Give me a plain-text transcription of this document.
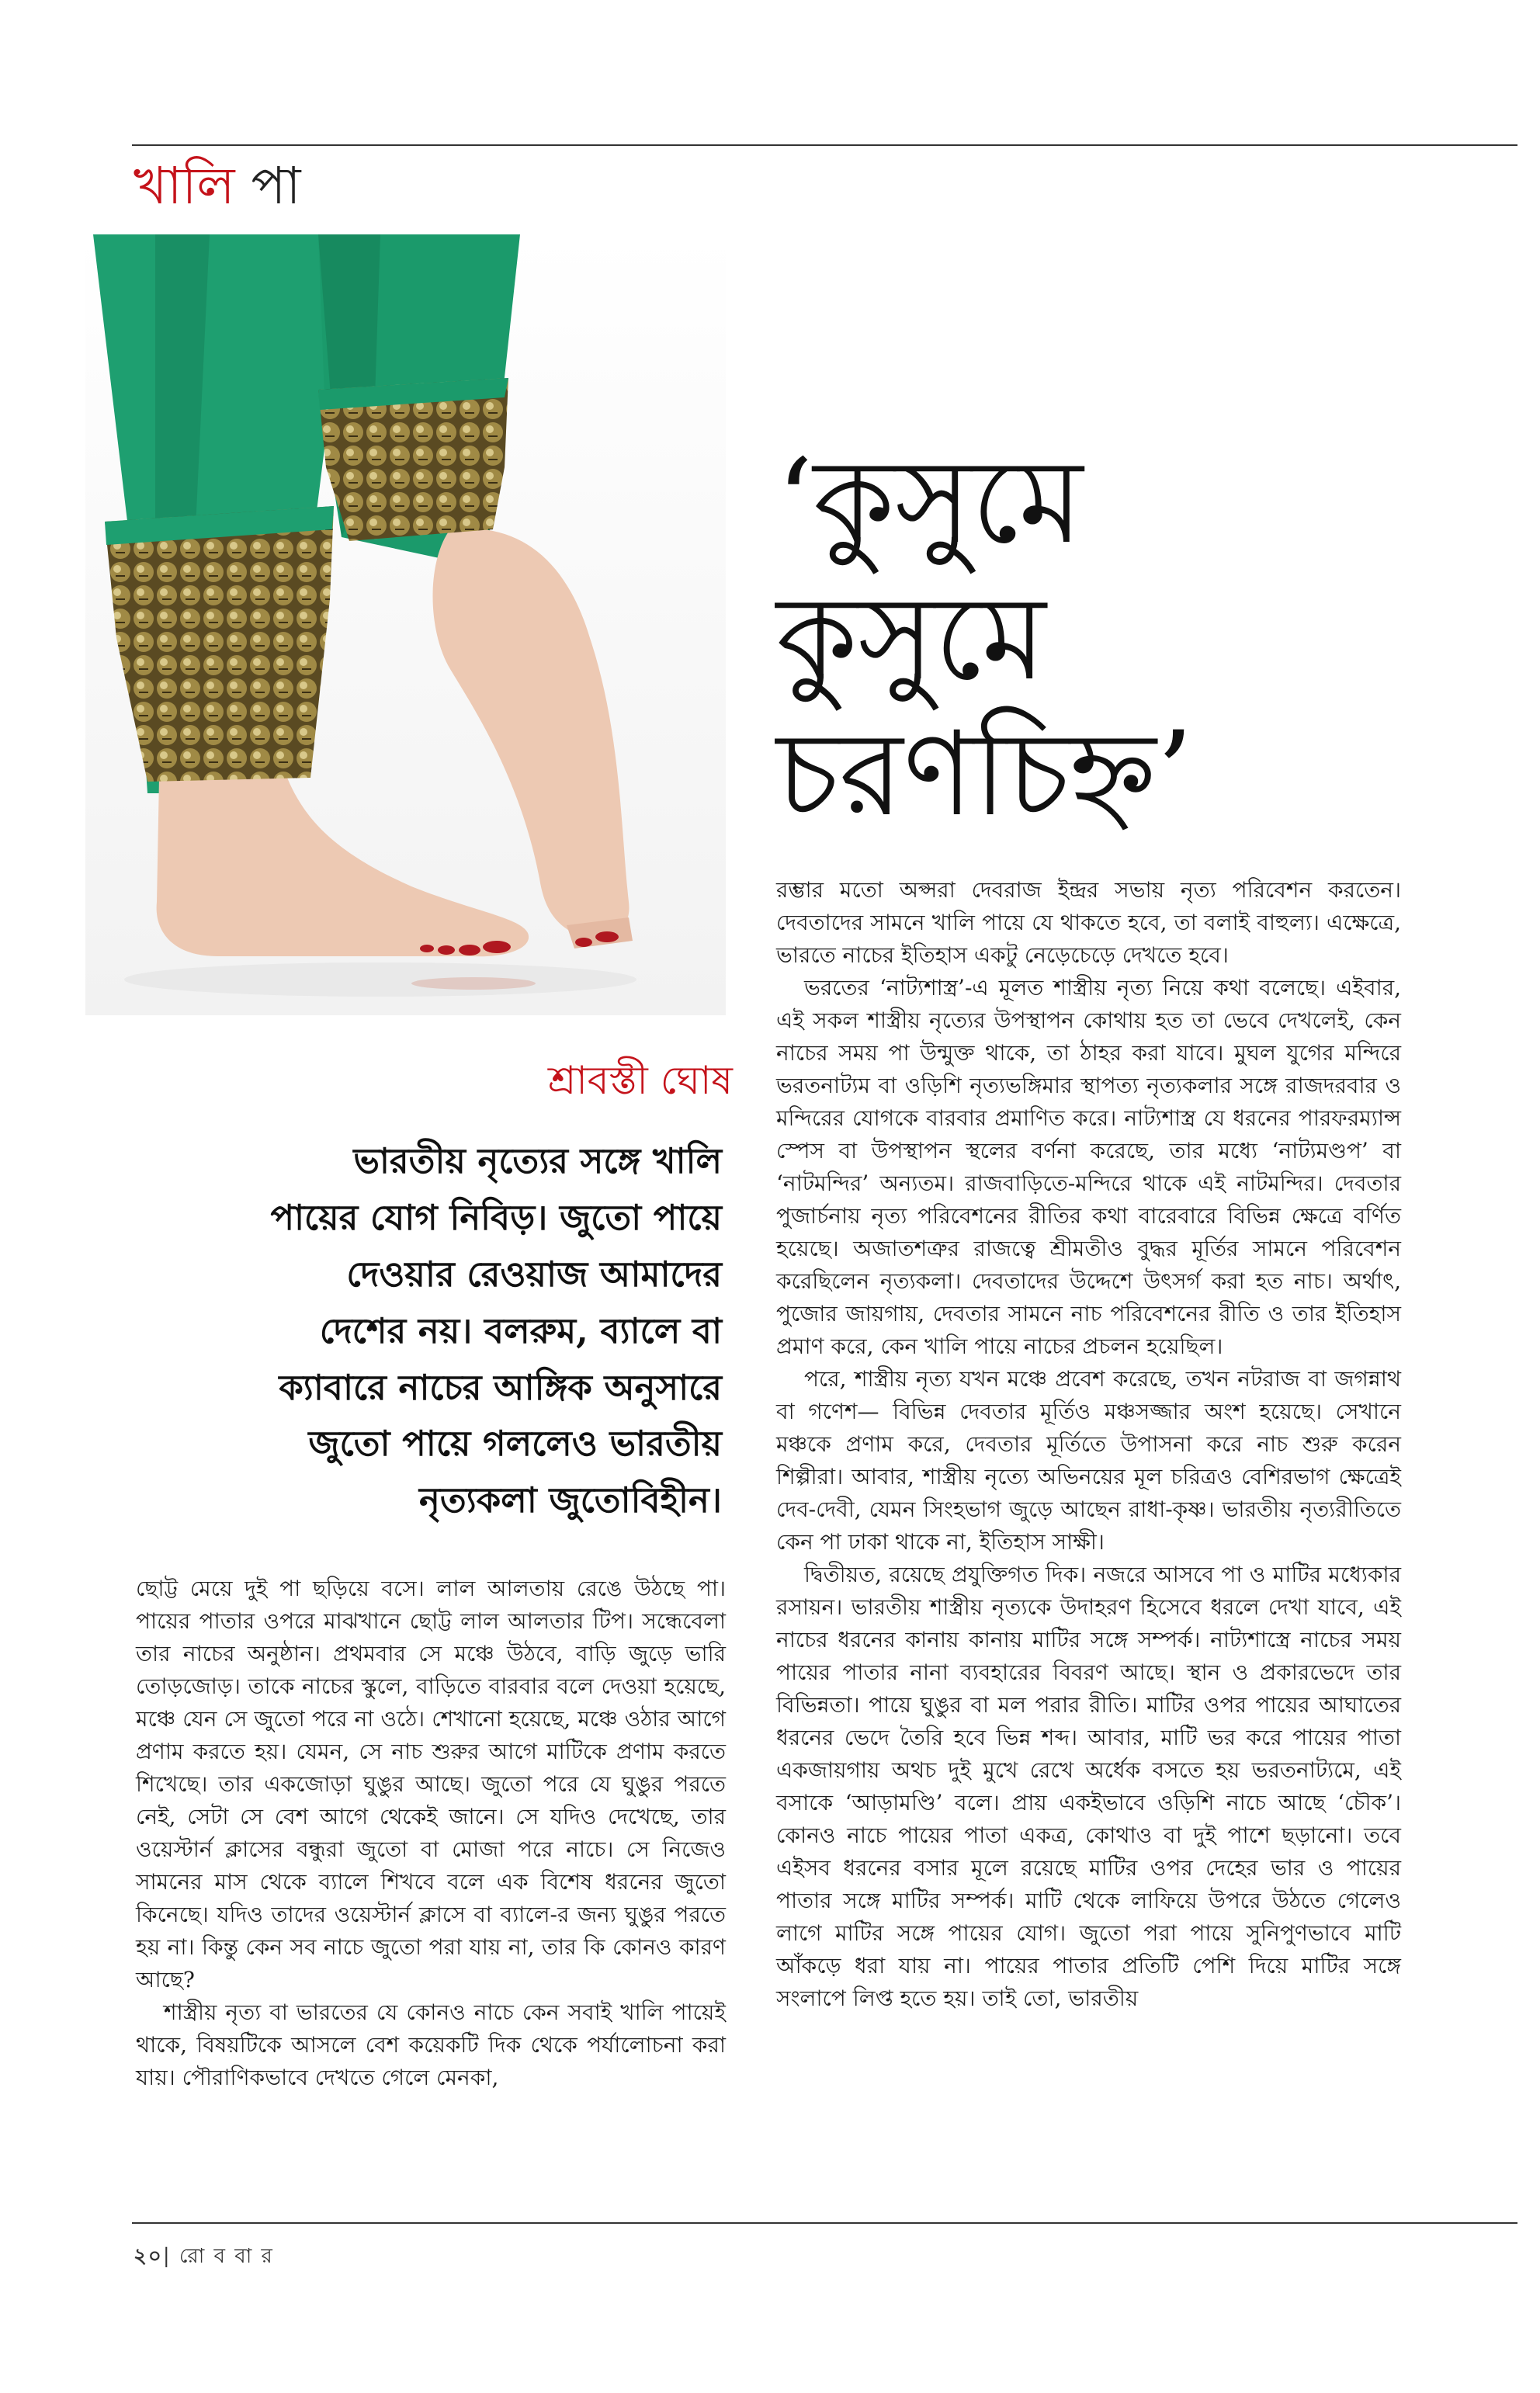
খালি পা
‘কুসুমে
কুসুমে
চরণচিহ্ন’
শ্রাবস্তী ঘোষ

ভারতীয় নৃত্যের সঙ্গে খালি পায়ের যোগ নিবিড়। জুতো পায়ে দেওয়ার রেওয়াজ আমাদের দেশের নয়। বলরুম, ব্যালে বা ক্যাবারে নাচের আঙ্গিক অনুসারে জুতো পায়ে গললেও ভারতীয় নৃত্যকলা জুতোবিহীন।

ছোট্ট মেয়ে দুই পা ছড়িয়ে বসে। লাল আলতায় রেঙে উঠছে পা। পায়ের পাতার ওপরে মাঝখানে ছোট্ট লাল আলতার টিপ। সন্ধেবেলা তার নাচের অনুষ্ঠান। প্রথমবার সে মঞ্চে উঠবে, বাড়ি জুড়ে ভারি তোড়জোড়। তাকে নাচের স্কুলে, বাড়িতে বারবার বলে দেওয়া হয়েছে, মঞ্চে যেন সে জুতো পরে না ওঠে। শেখানো হয়েছে, মঞ্চে ওঠার আগে প্রণাম করতে হয়। যেমন, সে নাচ শুরুর আগে মাটিকে প্রণাম করতে শিখেছে। তার একজোড়া ঘুঙুর আছে। জুতো পরে যে ঘুঙুর পরতে নেই, সেটা সে বেশ আগে থেকেই জানে। সে যদিও দেখেছে, তার ওয়েস্টার্ন ক্লাসের বন্ধুরা জুতো বা মোজা পরে নাচে। সে নিজেও সামনের মাস থেকে ব্যালে শিখবে বলে এক বিশেষ ধরনের জুতো কিনেছে। যদিও তাদের ওয়েস্টার্ন ক্লাসে বা ব্যালে-র জন্য ঘুঙুর পরতে হয় না। কিন্তু কেন সব নাচে জুতো পরা যায় না, তার কি কোনও কারণ আছে?

শাস্ত্রীয় নৃত্য বা ভারতের যে কোনও নাচে কেন সবাই খালি পায়েই থাকে, বিষয়টিকে আসলে বেশ কয়েকটি দিক থেকে পর্যালোচনা করা যায়। পৌরাণিকভাবে দেখতে গেলে মেনকা,

রম্ভার মতো অপ্সরা দেবরাজ ইন্দ্রর সভায় নৃত্য পরিবেশন করতেন। দেবতাদের সামনে খালি পায়ে যে থাকতে হবে, তা বলাই বাহুল্য। এক্ষেত্রে, ভারতে নাচের ইতিহাস একটু নেড়েচেড়ে দেখতে হবে।

ভরতের ‘নাট্যশাস্ত্র’-এ মূলত শাস্ত্রীয় নৃত্য নিয়ে কথা বলেছে। এইবার, এই সকল শাস্ত্রীয় নৃত্যের উপস্থাপন কোথায় হত তা ভেবে দেখলেই, কেন নাচের সময় পা উন্মুক্ত থাকে, তা ঠাহর করা যাবে। মুঘল যুগের মন্দিরে ভরতনাট্যম বা ওড়িশি নৃত্যভঙ্গিমার স্থাপত্য নৃত্যকলার সঙ্গে রাজদরবার ও মন্দিরের যোগকে বারবার প্রমাণিত করে। নাট্যশাস্ত্র যে ধরনের পারফরম্যান্স স্পেস বা উপস্থাপন স্থলের বর্ণনা করেছে, তার মধ্যে ‘নাট্যমণ্ডপ’ বা ‘নাটমন্দির’ অন্যতম। রাজবাড়িতে-মন্দিরে থাকে এই নাটমন্দির। দেবতার পুজার্চনায় নৃত্য পরিবেশনের রীতির কথা বারেবারে বিভিন্ন ক্ষেত্রে বর্ণিত হয়েছে। অজাতশত্রুর রাজত্বে শ্রীমতীও বুদ্ধর মূর্তির সামনে পরিবেশন করেছিলেন নৃত্যকলা। দেবতাদের উদ্দেশে উৎসর্গ করা হত নাচ। অর্থাৎ, পুজোর জায়গায়, দেবতার সামনে নাচ পরিবেশনের রীতি ও তার ইতিহাস প্রমাণ করে, কেন খালি পায়ে নাচের প্রচলন হয়েছিল।

পরে, শাস্ত্রীয় নৃত্য যখন মঞ্চে প্রবেশ করেছে, তখন নটরাজ বা জগন্নাথ বা গণেশ— বিভিন্ন দেবতার মূর্তিও মঞ্চসজ্জার অংশ হয়েছে। সেখানে মঞ্চকে প্রণাম করে, দেবতার মূর্তিতে উপাসনা করে নাচ শুরু করেন শিল্পীরা। আবার, শাস্ত্রীয় নৃত্যে অভিনয়ের মূল চরিত্রও বেশিরভাগ ক্ষেত্রেই দেব-দেবী, যেমন সিংহভাগ জুড়ে আছেন রাধা-কৃষ্ণ। ভারতীয় নৃত্যরীতিতে কেন পা ঢাকা থাকে না, ইতিহাস সাক্ষী।

দ্বিতীয়ত, রয়েছে প্রযুক্তিগত দিক। নজরে আসবে পা ও মাটির মধ্যেকার রসায়ন। ভারতীয় শাস্ত্রীয় নৃত্যকে উদাহরণ হিসেবে ধরলে দেখা যাবে, এই নাচের ধরনের কানায় কানায় মাটির সঙ্গে সম্পর্ক। নাট্যশাস্ত্রে নাচের সময় পায়ের পাতার নানা ব্যবহারের বিবরণ আছে। স্থান ও প্রকারভেদে তার বিভিন্নতা। পায়ে ঘুঙুর বা মল পরার রীতি। মাটির ওপর পায়ের আঘাতের ধরনের ভেদে তৈরি হবে ভিন্ন শব্দ। আবার, মাটি ভর করে পায়ের পাতা একজায়গায় অথচ দুই মুখে রেখে অর্ধেক বসতে হয় ভরতনাট্যমে, এই বসাকে ‘আড়ামণ্ডি’ বলে। প্রায় একইভাবে ওড়িশি নাচে আছে ‘চৌক’। কোনও নাচে পায়ের পাতা একত্র, কোথাও বা দুই পাশে ছড়ানো। তবে এইসব ধরনের বসার মূলে রয়েছে মাটির ওপর দেহের ভার ও পায়ের পাতার সঙ্গে মাটির সম্পর্ক। মাটি থেকে লাফিয়ে উপরে উঠতে গেলেও লাগে মাটির সঙ্গে পায়ের যোগ। জুতো পরা পায়ে সুনিপুণভাবে মাটি আঁকড়ে ধরা যায় না। পায়ের পাতার প্রতিটি পেশি দিয়ে মাটির সঙ্গে সংলাপে লিপ্ত হতে হয়। তাই তো, ভারতীয়

২০| রো ব বা র
